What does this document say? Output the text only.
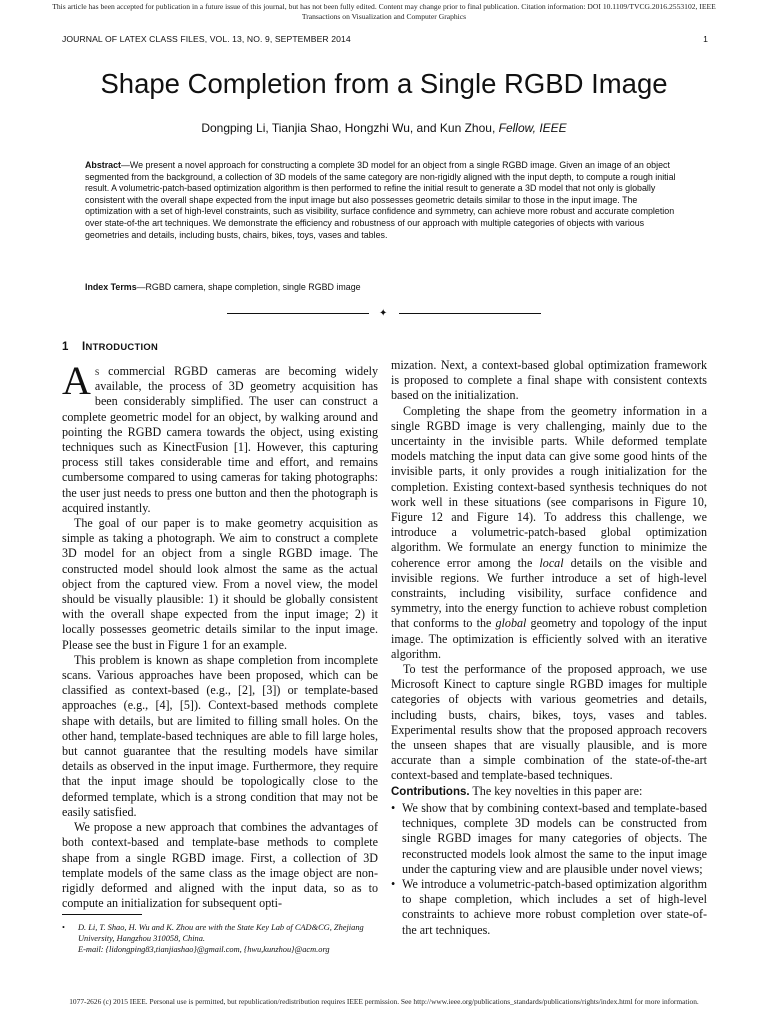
This article has been accepted for publication in a future issue of this journal, but has not been fully edited. Content may change prior to final publication. Citation information: DOI 10.1109/TVCG.2016.2553102, IEEE
Transactions on Visualization and Computer Graphics
JOURNAL OF LATEX CLASS FILES, VOL. 13, NO. 9, SEPTEMBER 2014	1
Shape Completion from a Single RGBD Image
Dongping Li, Tianjia Shao, Hongzhi Wu, and Kun Zhou, Fellow, IEEE
Abstract—We present a novel approach for constructing a complete 3D model for an object from a single RGBD image. Given an image of an object segmented from the background, a collection of 3D models of the same category are non-rigidly aligned with the input depth, to compute a rough initial result. A volumetric-patch-based optimization algorithm is then performed to refine the initial result to generate a 3D model that not only is globally consistent with the overall shape expected from the input image but also possesses geometric details similar to those in the input image. The optimization with a set of high-level constraints, such as visibility, surface confidence and symmetry, can achieve more robust and accurate completion over state-of-the art techniques. We demonstrate the efficiency and robustness of our approach with multiple categories of objects with various geometries and details, including busts, chairs, bikes, toys, vases and tables.
Index Terms—RGBD camera, shape completion, single RGBD image
✦
1 INTRODUCTION

As commercial RGBD cameras are becoming widely available, the process of 3D geometry acquisition has been considerably simplified. The user can construct a complete geometric model for an object, by walking around and pointing the RGBD camera towards the object, using existing techniques such as KinectFusion [1]. However, this capturing process still takes considerable time and effort, and remains cumbersome compared to using cameras for taking photographs: the user just needs to press one button and then the photograph is acquired instantly.

The goal of our paper is to make geometry acquisition as simple as taking a photograph. We aim to construct a complete 3D model for an object from a single RGBD image. The constructed model should look almost the same as the actual object from the captured view. From a novel view, the model should be visually plausible: 1) it should be globally consistent with the overall shape expected from the input image; 2) it locally possesses geometric details similar to the input image. Please see the bust in Figure 1 for an example.

This problem is known as shape completion from incomplete scans. Various approaches have been proposed, which can be classified as context-based (e.g., [2], [3]) or template-based approaches (e.g., [4], [5]). Context-based methods complete shape with details, but are limited to filling small holes. On the other hand, template-based techniques are able to fill large holes, but cannot guarantee that the resulting models have similar details as observed in the input image. Furthermore, they require that the input image should be topologically close to the deformed template, which is a strong condition that may not be easily satisfied.

We propose a new approach that combines the advantages of both context-based and template-base methods to complete shape from a single RGBD image. First, a collection of 3D template models of the same class as the image object are non-rigidly deformed and aligned with the input data, so as to compute an initialization for subsequent opti-

• D. Li, T. Shao, H. Wu and K. Zhou are with the State Key Lab of CAD&CG, Zhejiang University, Hangzhou 310058, China.
E-mail: {lidongping83,tianjiashao}@gmail.com, {hwu,kunzhou}@acm.org

mization. Next, a context-based global optimization framework is proposed to complete a final shape with consistent contexts based on the initialization.

Completing the shape from the geometry information in a single RGBD image is very challenging, mainly due to the uncertainty in the invisible parts. While deformed template models matching the input data can give some good hints of the invisible parts, it only provides a rough initialization for the completion. Existing context-based synthesis techniques do not work well in these situations (see comparisons in Figure 10, Figure 12 and Figure 14). To address this challenge, we introduce a volumetric-patch-based global optimization algorithm. We formulate an energy function to minimize the coherence error among the local details on the visible and invisible regions. We further introduce a set of high-level constraints, including visibility, surface confidence and symmetry, into the energy function to achieve robust completion that conforms to the global geometry and topology of the input image. The optimization is efficiently solved with an iterative algorithm.

To test the performance of the proposed approach, we use Microsoft Kinect to capture single RGBD images for multiple categories of objects with various geometries and details, including busts, chairs, bikes, toys, vases and tables. Experimental results show that the proposed approach recovers the unseen shapes that are visually plausible, and is more accurate than a simple combination of the state-of-the-art context-based and template-based techniques.

Contributions. The key novelties in this paper are:

• We show that by combining context-based and template-based techniques, complete 3D models can be constructed from single RGBD images for many categories of objects. The reconstructed models look almost the same to the input image under the capturing view and are plausible under novel views;
• We introduce a volumetric-patch-based optimization algorithm to shape completion, which includes a set of high-level constraints to achieve more robust completion over state-of-the art techniques.
1077-2626 (c) 2015 IEEE. Personal use is permitted, but republication/redistribution requires IEEE permission. See http://www.ieee.org/publications_standards/publications/rights/index.html for more information.
